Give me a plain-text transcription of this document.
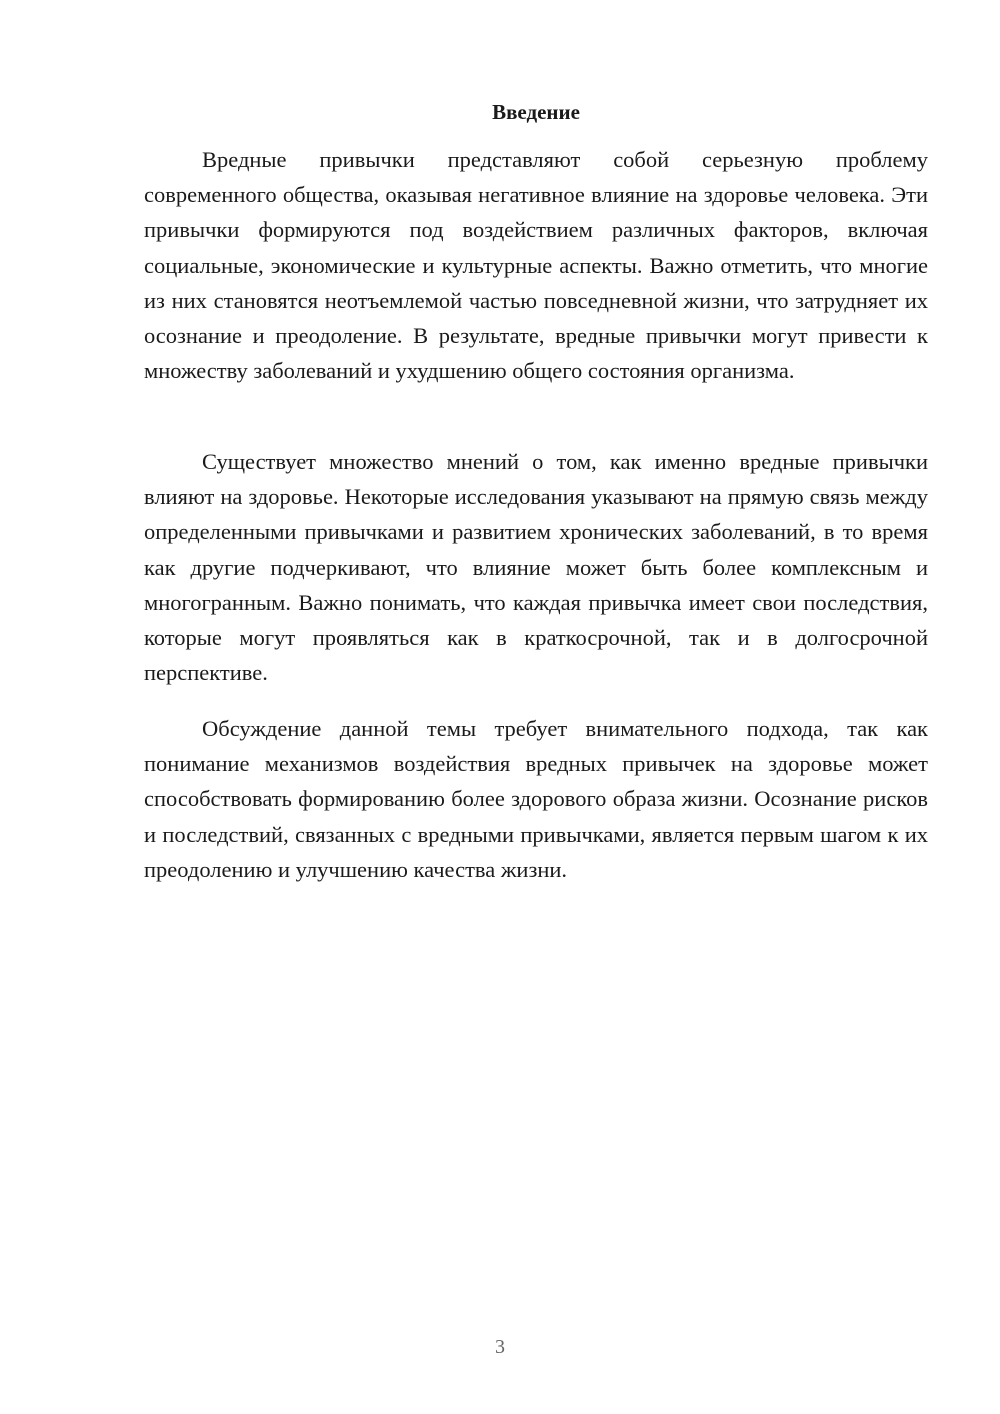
Введение

Вредные привычки представляют собой серьезную проблему современного общества, оказывая негативное влияние на здоровье человека. Эти привычки формируются под воздействием различных факторов, включая социальные, экономические и культурные аспекты. Важно отметить, что многие из них становятся неотъемлемой частью повседневной жизни, что затрудняет их осознание и преодоление. В результате, вредные привычки могут привести к множеству заболеваний и ухудшению общего состояния организма.

Существует множество мнений о том, как именно вредные привычки влияют на здоровье. Некоторые исследования указывают на прямую связь между определенными привычками и развитием хронических заболеваний, в то время как другие подчеркивают, что влияние может быть более комплексным и многогранным. Важно понимать, что каждая привычка имеет свои последствия, которые могут проявляться как в краткосрочной, так и в долгосрочной перспективе.

Обсуждение данной темы требует внимательного подхода, так как понимание механизмов воздействия вредных привычек на здоровье может способствовать формированию более здорового образа жизни. Осознание рисков и последствий, связанных с вредными привычками, является первым шагом к их преодолению и улучшению качества жизни.

3
